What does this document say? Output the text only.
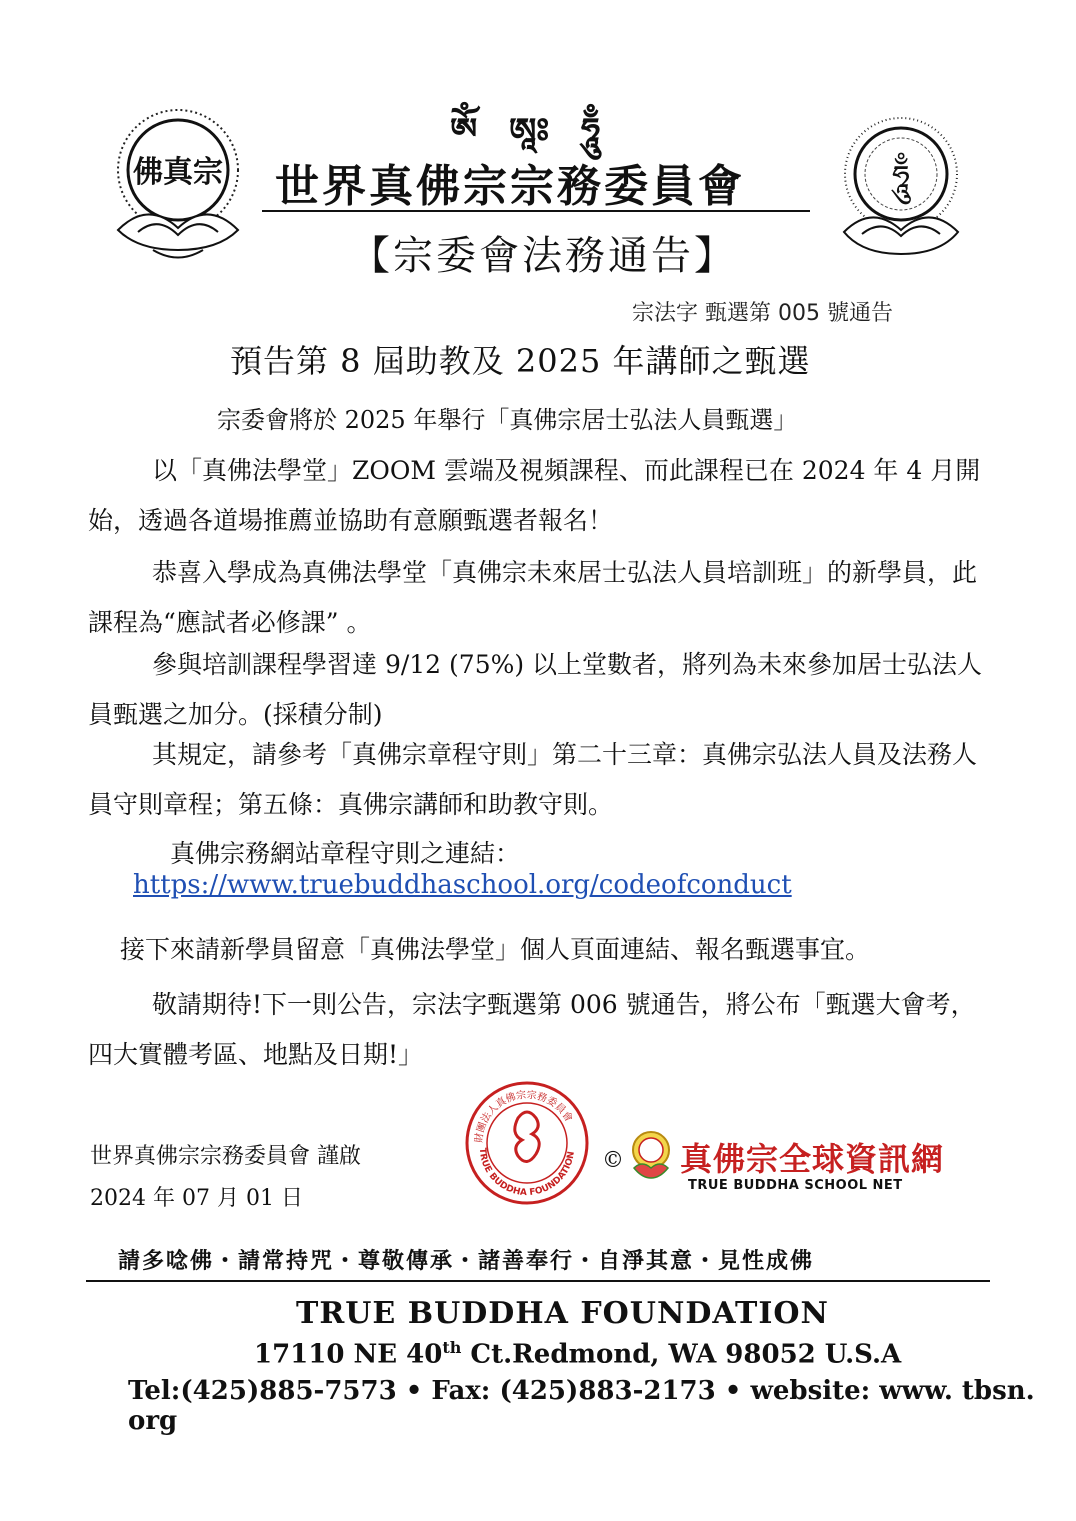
ༀ ཨཱཿ ཧཱུྃ
佛真宗 世界真佛宗宗務委員會
【宗委會法務通告】
ཧཱུྃ
宗法字 甄選第 005 號通告
預告第 8 屆助教及 2025 年講師之甄選
宗委會將於 2025 年舉行「真佛宗居士弘法人員甄選」
以「真佛法學堂」ZOOM 雲端及視頻課程、而此課程已在 2024 年 4 月開始，透過各道場推薦並協助有意願甄選者報名！
恭喜入學成為真佛法學堂「真佛宗未來居士弘法人員培訓班」的新學員，此課程為“應試者必修課” 。
參與培訓課程學習達 9/12 (75%) 以上堂數者，將列為未來參加居士弘法人員甄選之加分。(採積分制)
其規定，請參考「真佛宗章程守則」第二十三章：真佛宗弘法人員及法務人員守則章程；第五條：真佛宗講師和助教守則。
真佛宗務網站章程守則之連結：
https://www.truebuddhaschool.org/codeofconduct
接下來請新學員留意「真佛法學堂」個人頁面連結、報名甄選事宜。
敬請期待!下一則公告，宗法字甄選第 006 號通告，將公布「甄選大會考，四大實體考區、地點及日期!」
世界真佛宗宗務委員會 謹啟
2024 年 07 月 01 日
財團法人真佛宗宗務委員會
TRUE BUDDHA FOUNDATION © 真佛宗全球資訊網
TRUE BUDDHA SCHOOL NET
請多唸佛・請常持咒・尊敬傳承・諸善奉行・自淨其意・見性成佛
TRUE BUDDHA FOUNDATION
17110 NE 40th Ct.Redmond, WA 98052 U.S.A
Tel:(425)885-7573 • Fax: (425)883-2173 • website: www. tbsn. org
